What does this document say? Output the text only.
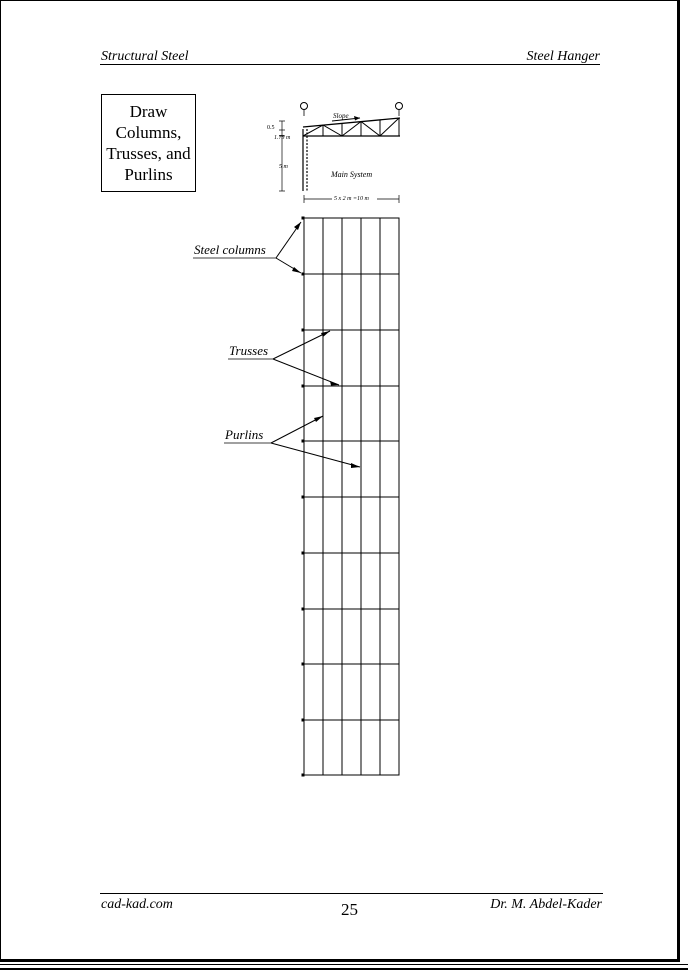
Structural Steel	Steel Hanger
Draw Columns, Trusses, and Purlins
Slope
0.5
1.75 m
5 m
Main System
5 x 2 m =10 m
Steel columns
Trusses
Purlins
cad-kad.com	25	Dr. M. Abdel-Kader
